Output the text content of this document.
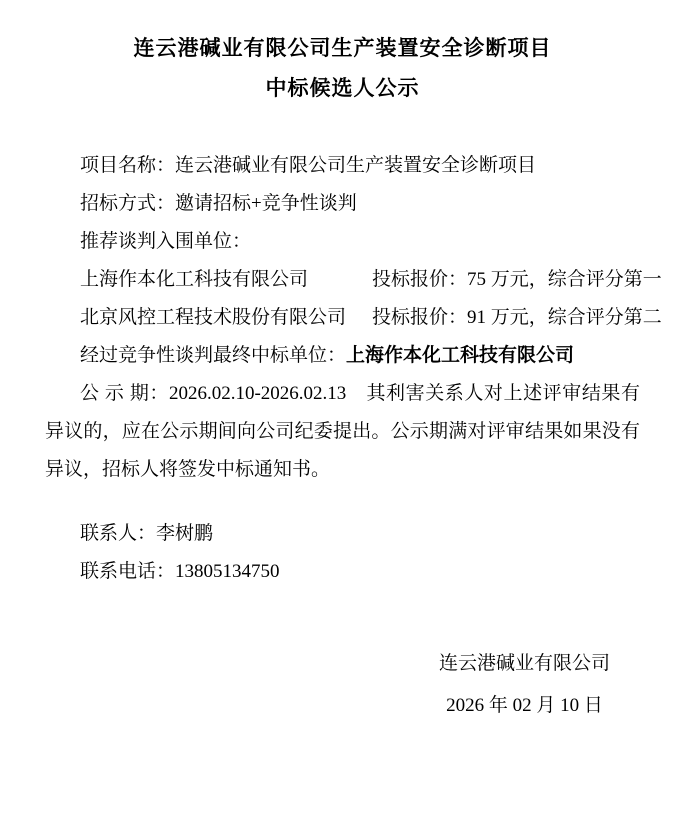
连云港碱业有限公司生产装置安全诊断项目
中标候选人公示
项目名称：连云港碱业有限公司生产装置安全诊断项目
招标方式：邀请招标+竞争性谈判
推荐谈判入围单位：
上海作本化工科技有限公司	投标报价：75 万元，综合评分第一
北京风控工程技术股份有限公司 投标报价：91 万元，综合评分第二
经过竞争性谈判最终中标单位：上海作本化工科技有限公司
公 示 期：2026.02.10-2026.02.13　其利害关系人对上述评审结果有异议的，应在公示期间向公司纪委提出。公示期满对评审结果如果没有异议，招标人将签发中标通知书。
联系人：李树鹏
联系电话：13805134750
连云港碱业有限公司
2026 年 02 月 10 日
